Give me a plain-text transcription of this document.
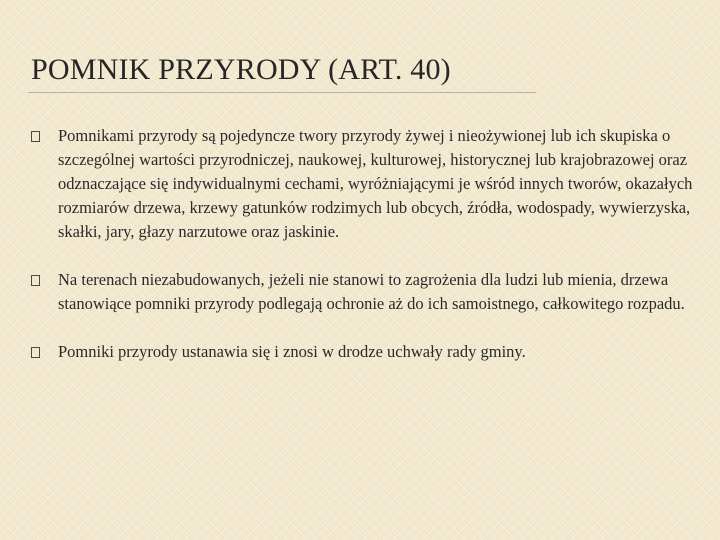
POMNIK PRZYRODY (ART. 40)
Pomnikami przyrody są pojedyncze twory przyrody żywej i nieożywionej lub ich skupiska o szczególnej wartości przyrodniczej, naukowej, kulturowej, historycznej lub krajobrazowej oraz odznaczające się indywidualnymi cechami, wyróżniającymi je wśród innych tworów, okazałych rozmiarów drzewa, krzewy gatunków rodzimych lub obcych, źródła, wodospady, wywierzyska, skałki, jary, głazy narzutowe oraz jaskinie.
Na terenach niezabudowanych, jeżeli nie stanowi to zagrożenia dla ludzi lub mienia, drzewa stanowiące pomniki przyrody podlegają ochronie aż do ich samoistnego, całkowitego rozpadu.
Pomniki przyrody ustanawia się i znosi w drodze uchwały rady gminy.
